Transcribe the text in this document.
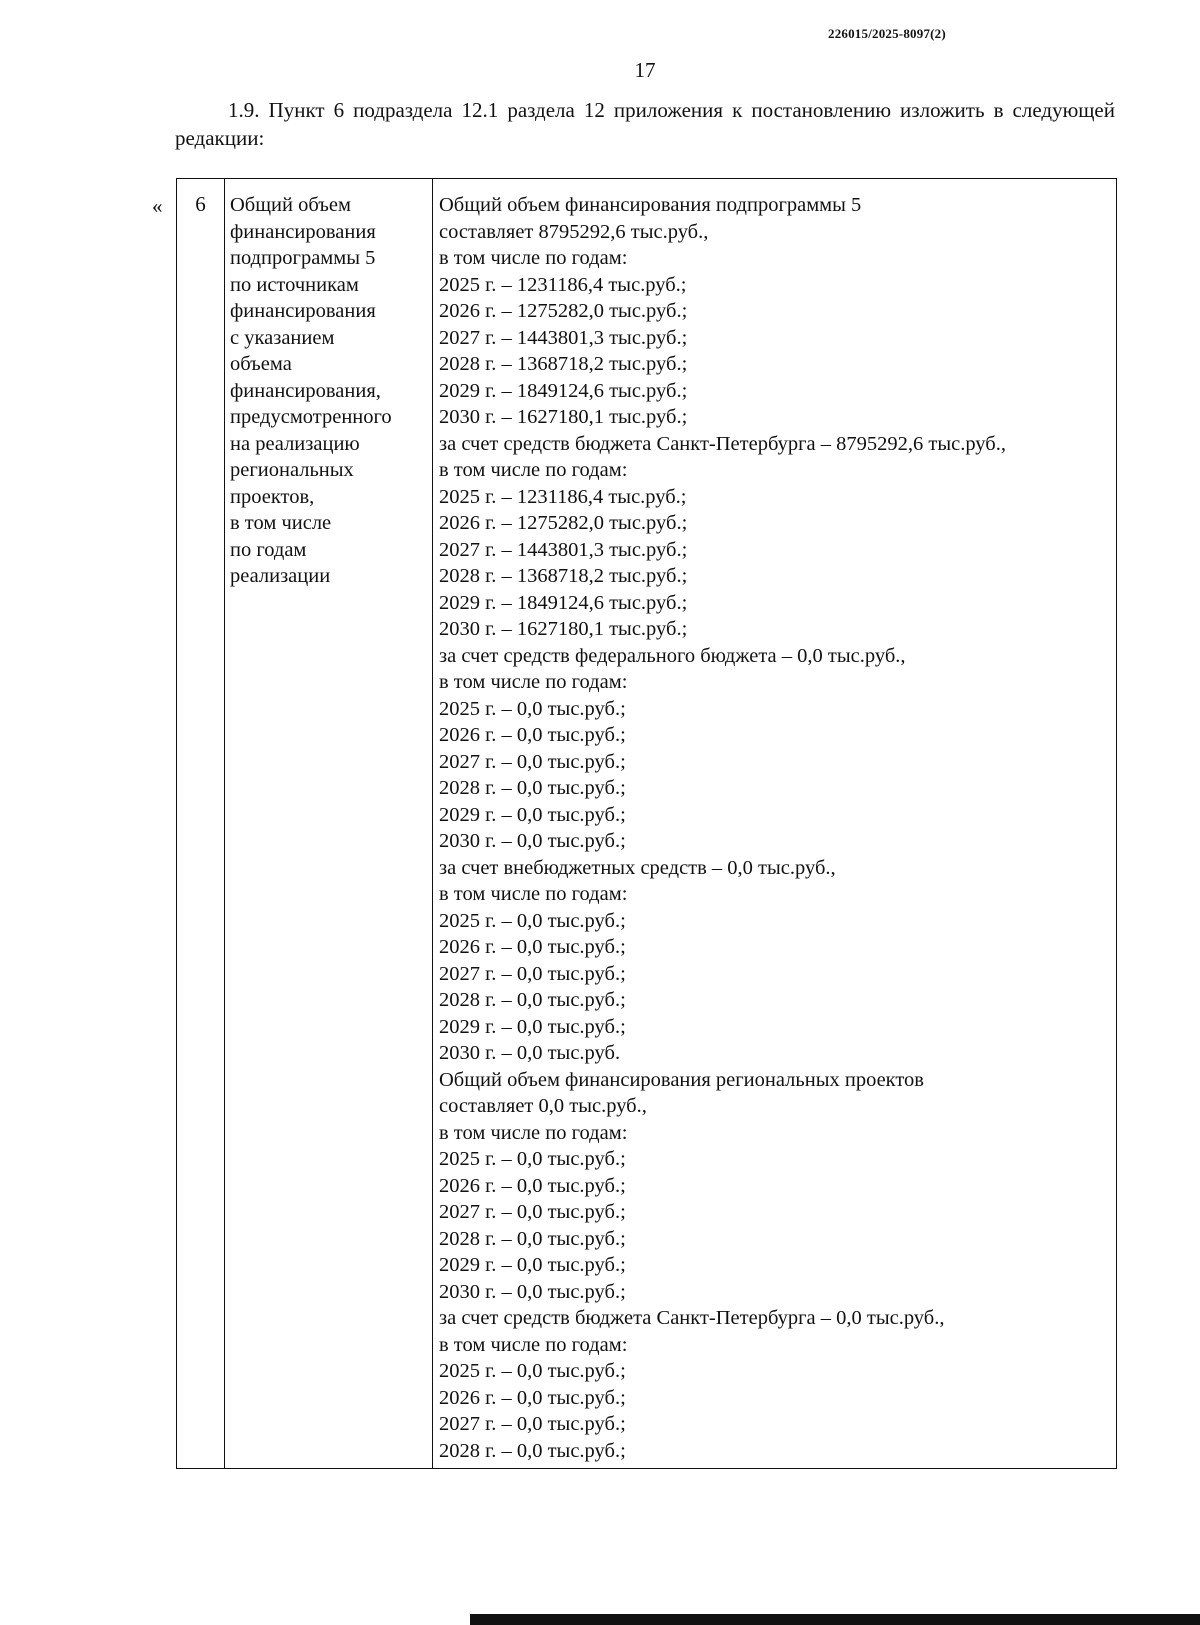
226015/2025-8097(2)
17
1.9. Пункт 6 подраздела 12.1 раздела 12 приложения к постановлению изложить в следующей редакции:
«	6	Общий объем
финансирования
подпрограммы 5
по источникам
финансирования
с указанием
объема
финансирования,
предусмотренного
на реализацию
региональных
проектов,
в том числе
по годам
реализации
Общий объем финансирования подпрограммы 5
составляет 8795292,6 тыс.руб.,
в том числе по годам:
2025 г. – 1231186,4 тыс.руб.;
2026 г. – 1275282,0 тыс.руб.;
2027 г. – 1443801,3 тыс.руб.;
2028 г. – 1368718,2 тыс.руб.;
2029 г. – 1849124,6 тыс.руб.;
2030 г. – 1627180,1 тыс.руб.;
за счет средств бюджета Санкт-Петербурга – 8795292,6 тыс.руб.,
в том числе по годам:
2025 г. – 1231186,4 тыс.руб.;
2026 г. – 1275282,0 тыс.руб.;
2027 г. – 1443801,3 тыс.руб.;
2028 г. – 1368718,2 тыс.руб.;
2029 г. – 1849124,6 тыс.руб.;
2030 г. – 1627180,1 тыс.руб.;
за счет средств федерального бюджета – 0,0 тыс.руб.,
в том числе по годам:
2025 г. – 0,0 тыс.руб.;
2026 г. – 0,0 тыс.руб.;
2027 г. – 0,0 тыс.руб.;
2028 г. – 0,0 тыс.руб.;
2029 г. – 0,0 тыс.руб.;
2030 г. – 0,0 тыс.руб.;
за счет внебюджетных средств – 0,0 тыс.руб.,
в том числе по годам:
2025 г. – 0,0 тыс.руб.;
2026 г. – 0,0 тыс.руб.;
2027 г. – 0,0 тыс.руб.;
2028 г. – 0,0 тыс.руб.;
2029 г. – 0,0 тыс.руб.;
2030 г. – 0,0 тыс.руб.
Общий объем финансирования региональных проектов
составляет 0,0 тыс.руб.,
в том числе по годам:
2025 г. – 0,0 тыс.руб.;
2026 г. – 0,0 тыс.руб.;
2027 г. – 0,0 тыс.руб.;
2028 г. – 0,0 тыс.руб.;
2029 г. – 0,0 тыс.руб.;
2030 г. – 0,0 тыс.руб.;
за счет средств бюджета Санкт-Петербурга – 0,0 тыс.руб.,
в том числе по годам:
2025 г. – 0,0 тыс.руб.;
2026 г. – 0,0 тыс.руб.;
2027 г. – 0,0 тыс.руб.;
2028 г. – 0,0 тыс.руб.;
